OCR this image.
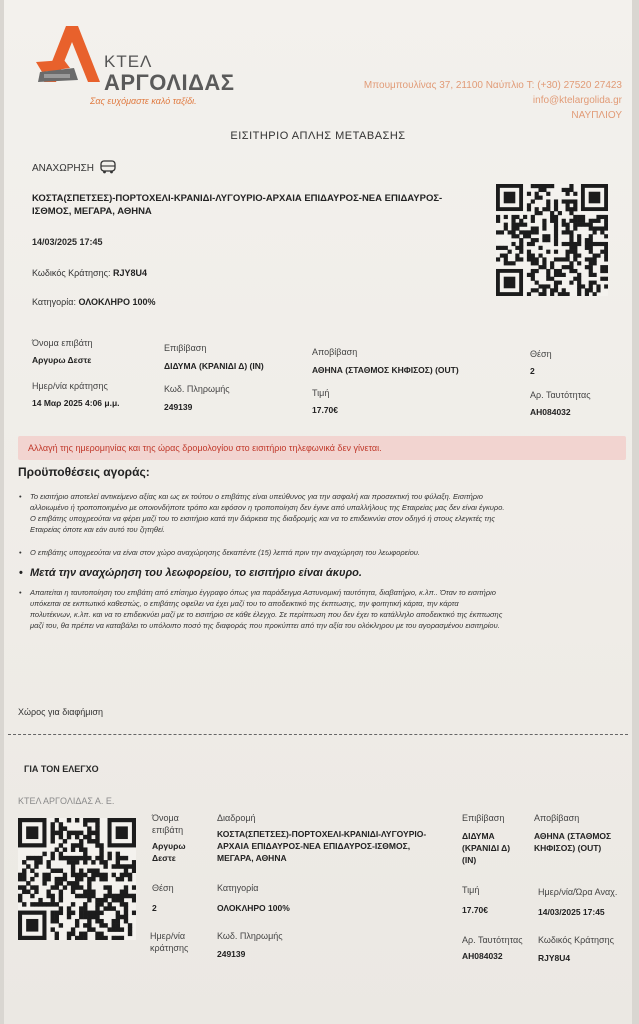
ΚΤΕΛ
ΑΡΓΟΛΙΔΑΣ
Σας ευχόμαστε καλό ταξίδι.
Μπουμπουλίνας 37, 21100 Ναύπλιο T: (+30) 27520 27423
info@ktelargolida.gr
ΝΑΥΠΛΙΟΥ
ΕΙΣΙΤΗΡΙΟ ΑΠΛΗΣ ΜΕΤΑΒΑΣΗΣ
ΑΝΑΧΩΡΗΣΗ
ΚΟΣΤΑ(ΣΠΕΤΣΕΣ)-ΠΟΡΤΟΧΕΛΙ-ΚΡΑΝΙΔΙ-ΛΥΓΟΥΡΙΟ-ΑΡΧΑΙΑ ΕΠΙΔΑΥΡΟΣ-ΝΕΑ ΕΠΙΔΑΥΡΟΣ-
ΙΣΘΜΟΣ, ΜΕΓΑΡΑ, ΑΘΗΝΑ
14/03/2025 17:45
Κωδικός Κράτησης: RJY8U4
Κατηγορία: ΟΛΟΚΛΗΡΟ 100%
Όνομα επιβάτη
Αργυρω Δεστε
Επιβίβαση
ΔΙΔΥΜΑ (ΚΡΑΝΙΔΙ Δ) (IN)
Αποβίβαση
ΑΘΗΝΑ (ΣΤΑΘΜΟΣ ΚΗΦΙΣΟΣ) (OUT)
Θέση
2
Ημερ/νία κράτησης
14 Μαρ 2025 4:06 μ.μ.
Κωδ. Πληρωμής
249139
Τιμή
17.70€
Αρ. Ταυτότητας
AH084032
Αλλαγή της ημερομηνίας και της ώρας δρομολογίου στο εισιτήριο τηλεφωνικά δεν γίνεται.
Προϋποθέσεις αγοράς:
• Το εισιτήριο αποτελεί αντικείμενο αξίας και ως εκ τούτου ο επιβάτης είναι υπεύθυνος για την ασφαλή και προσεκτική του φύλαξη. Εισιτήριο
αλλοιωμένο ή τροποποιημένο με οποιονδήποτε τρόπο και εφόσον η τροποποίηση δεν έγινε από υπαλλήλους της Εταιρείας μας δεν είναι έγκυρο.
Ο επιβάτης υποχρεούται να φέρει μαζί του το εισιτήριο κατά την διάρκεια της διαδρομής και να το επιδεικνύει στον οδηγό ή στους ελεγκτές της
Εταιρείας όποτε και εάν αυτό του ζητηθεί.
• Ο επιβάτης υποχρεούται να είναι στον χώρο αναχώρησης δεκαπέντε (15) λεπτά πριν την αναχώρηση του λεωφορείου.
• Μετά την αναχώρηση του λεωφορείου, το εισιτήριο είναι άκυρο.
• Απαιτείται η ταυτοποίηση του επιβάτη από επίσημο έγγραφο όπως για παράδειγμα Αστυνομική ταυτότητα, διαβατήριο, κ.λπ.. Όταν το εισιτήριο
υπόκειται σε εκπτωτικό καθεστώς, ο επιβάτης οφείλει να έχει μαζί του το αποδεικτικό της έκπτωσης, την φοιτητική κάρτα, την κάρτα
πολυτέκνων, κ.λπ. και να το επιδεικνύει μαζί με το εισιτήριο σε κάθε έλεγχο. Σε περίπτωση που δεν έχει το κατάλληλο αποδεικτικό της έκπτωσης
μαζί του, θα πρέπει να καταβάλει το υπόλοιπο ποσό της διαφοράς που προκύπτει από την αξία του ολόκληρου με του αγορασμένου εισιτηρίου.
Χώρος για διαφήμιση
ΓΙΑ ΤΟΝ ΕΛΕΓΧΟ
ΚΤΕΛ ΑΡΓΟΛΙΔΑΣ Α. Ε.
Όνομα
επιβάτη
Αργυρω
Δεστε
Διαδρομή
ΚΟΣΤΑ(ΣΠΕΤΣΕΣ)-ΠΟΡΤΟΧΕΛΙ-ΚΡΑΝΙΔΙ-ΛΥΓΟΥΡΙΟ-
ΑΡΧΑΙΑ ΕΠΙΔΑΥΡΟΣ-ΝΕΑ ΕΠΙΔΑΥΡΟΣ-ΙΣΘΜΟΣ,
ΜΕΓΑΡΑ, ΑΘΗΝΑ
Επιβίβαση
ΔΙΔΥΜΑ
(ΚΡΑΝΙΔΙ Δ)
(IN)
Αποβίβαση
ΑΘΗΝΑ (ΣΤΑΘΜΟΣ
ΚΗΦΙΣΟΣ) (OUT)
Θέση
2
Κατηγορία
ΟΛΟΚΛΗΡΟ 100%
Τιμή
17.70€
Ημερ/νία/Ώρα Αναχ.
14/03/2025 17:45
Ημερ/νία
κράτησης
Κωδ. Πληρωμής
249139
Αρ. Ταυτότητας
AH084032
Κωδικός Κράτησης
RJY8U4
